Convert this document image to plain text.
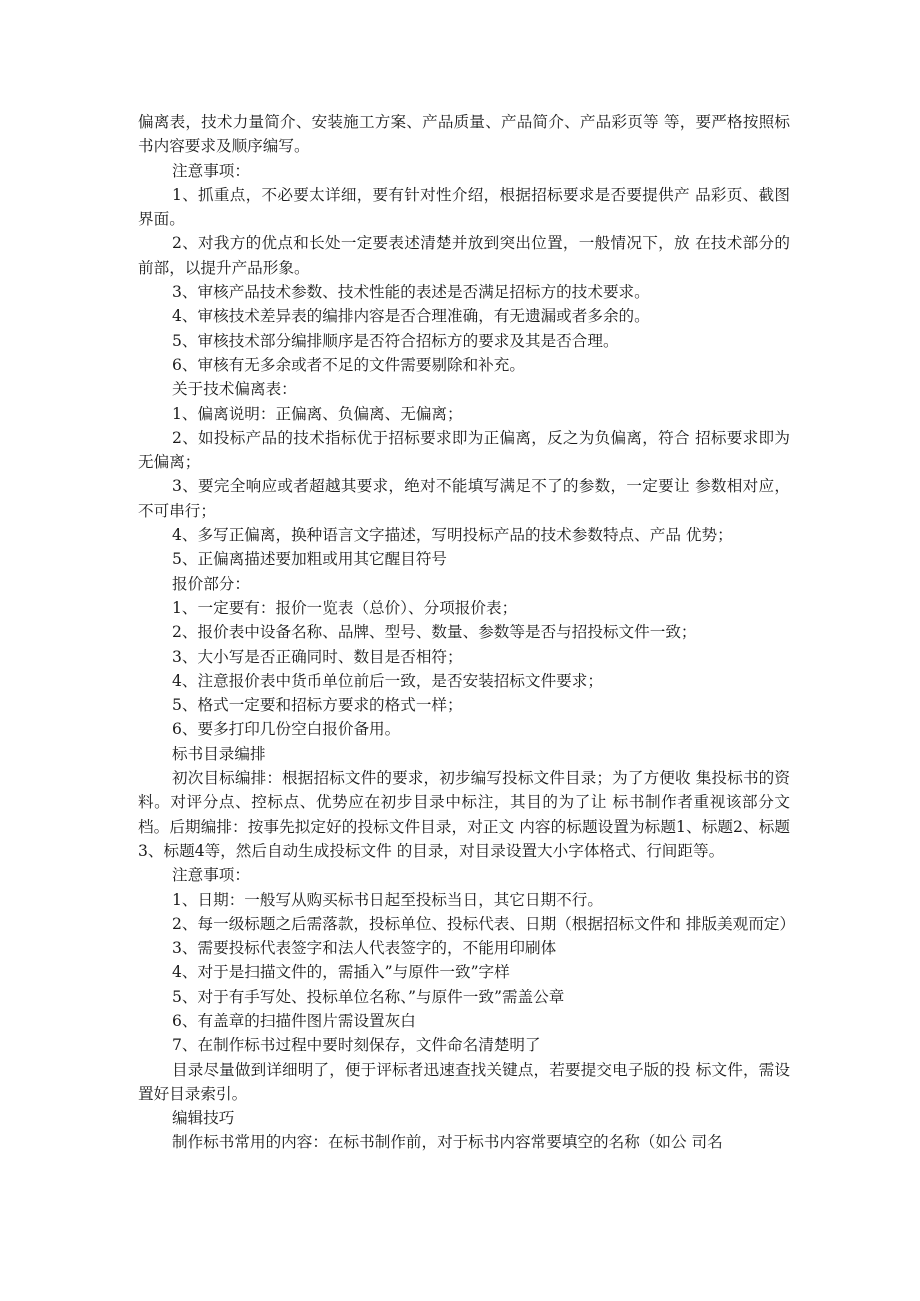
偏离表，技术力量简介、安装施工方案、产品质量、产品简介、产品彩页等 等，要严格按照标书内容要求及顺序编写。

注意事项：

1、抓重点，不必要太详细，要有针对性介绍，根据招标要求是否要提供产 品彩页、截图界面。

2、对我方的优点和长处一定要表述清楚并放到突出位置，一般情况下，放 在技术部分的前部，以提升产品形象。

3、审核产品技术参数、技术性能的表述是否满足招标方的技术要求。

4、审核技术差异表的编排内容是否合理准确，有无遗漏或者多余的。

5、审核技术部分编排顺序是否符合招标方的要求及其是否合理。

6、审核有无多余或者不足的文件需要剔除和补充。

关于技术偏离表：

1、偏离说明：正偏离、负偏离、无偏离；

2、如投标产品的技术指标优于招标要求即为正偏离，反之为负偏离，符合 招标要求即为无偏离；

3、要完全响应或者超越其要求，绝对不能填写满足不了的参数，一定要让 参数相对应，不可串行；

4、多写正偏离，换种语言文字描述，写明投标产品的技术参数特点、产品 优势；

5、正偏离描述要加粗或用其它醒目符号

报价部分：

1、一定要有：报价一览表（总价）、分项报价表；

2、报价表中设备名称、品牌、型号、数量、参数等是否与招投标文件一致；

3、大小写是否正确同时、数目是否相符；

4、注意报价表中货币单位前后一致，是否安装招标文件要求；

5、格式一定要和招标方要求的格式一样；

6、要多打印几份空白报价备用。

标书目录编排

初次目标编排：根据招标文件的要求，初步编写投标文件目录；为了方便收 集投标书的资料。对评分点、控标点、优势应在初步目录中标注，其目的为了让 标书制作者重视该部分文档。后期编排：按事先拟定好的投标文件目录，对正文 内容的标题设置为标题1、标题2、标题3、标题4等，然后自动生成投标文件 的目录，对目录设置大小字体格式、行间距等。

注意事项：

1、日期：一般写从购买标书日起至投标当日，其它日期不行。

2、每一级标题之后需落款，投标单位、投标代表、日期（根据招标文件和 排版美观而定）

3、需要投标代表签字和法人代表签字的，不能用印刷体

4、对于是扫描文件的，需插入”与原件一致”字样

5、对于有手写处、投标单位名称、”与原件一致”需盖公章

6、有盖章的扫描件图片需设置灰白

7、在制作标书过程中要时刻保存，文件命名清楚明了

目录尽量做到详细明了，便于评标者迅速查找关键点，若要提交电子版的投 标文件，需设置好目录索引。

编辑技巧

制作标书常用的内容：在标书制作前，对于标书内容常要填空的名称（如公 司名
